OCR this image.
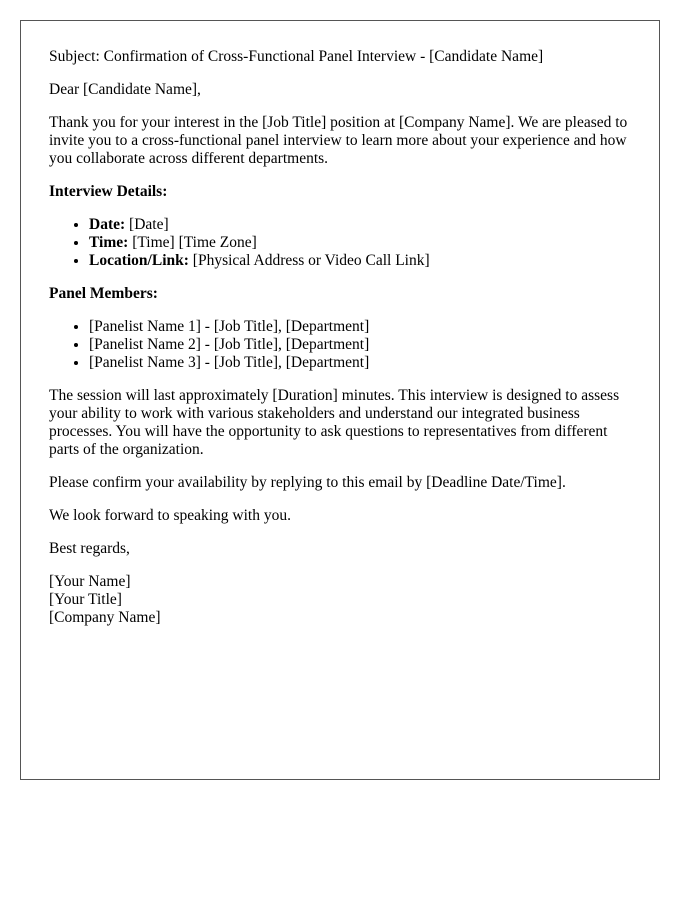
Subject: Confirmation of Cross-Functional Panel Interview - [Candidate Name]

Dear [Candidate Name],

Thank you for your interest in the [Job Title] position at [Company Name]. We are pleased to invite you to a cross-functional panel interview to learn more about your experience and how you collaborate across different departments.

Interview Details:

• Date: [Date]
• Time: [Time] [Time Zone]
• Location/Link: [Physical Address or Video Call Link]

Panel Members:

• [Panelist Name 1] - [Job Title], [Department]
• [Panelist Name 2] - [Job Title], [Department]
• [Panelist Name 3] - [Job Title], [Department]

The session will last approximately [Duration] minutes. This interview is designed to assess your ability to work with various stakeholders and understand our integrated business processes. You will have the opportunity to ask questions to representatives from different parts of the organization.

Please confirm your availability by replying to this email by [Deadline Date/Time].

We look forward to speaking with you.

Best regards,

[Your Name]

[Your Title]

[Company Name]
